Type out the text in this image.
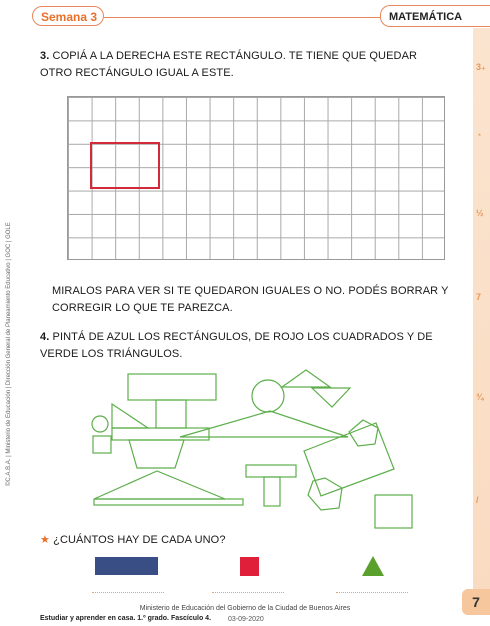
Semana 3	MATEMÁTICA
3₊
◔
½
7
¾
/
©C.A.B.A. | Ministerio de Educación | Dirección General de Planeamiento Educativo | GOC | GOLE
3. COPIÁ A LA DERECHA ESTE RECTÁNGULO. TE TIENE QUE QUEDAR OTRO RECTÁNGULO IGUAL A ESTE.
MIRALOS PARA VER SI TE QUEDARON IGUALES O NO. PODÉS BORRAR Y CORREGIR LO QUE TE PAREZCA.
4. PINTÁ DE AZUL LOS RECTÁNGULOS, DE ROJO LOS CUADRADOS Y DE VERDE LOS TRIÁNGULOS.
★ ¿CUÁNTOS HAY DE CADA UNO?
Ministerio de Educación del Gobierno de la Ciudad de Buenos Aires
Estudiar y aprender en casa. 1.º grado. Fascículo 4. 03-09-2020
7
